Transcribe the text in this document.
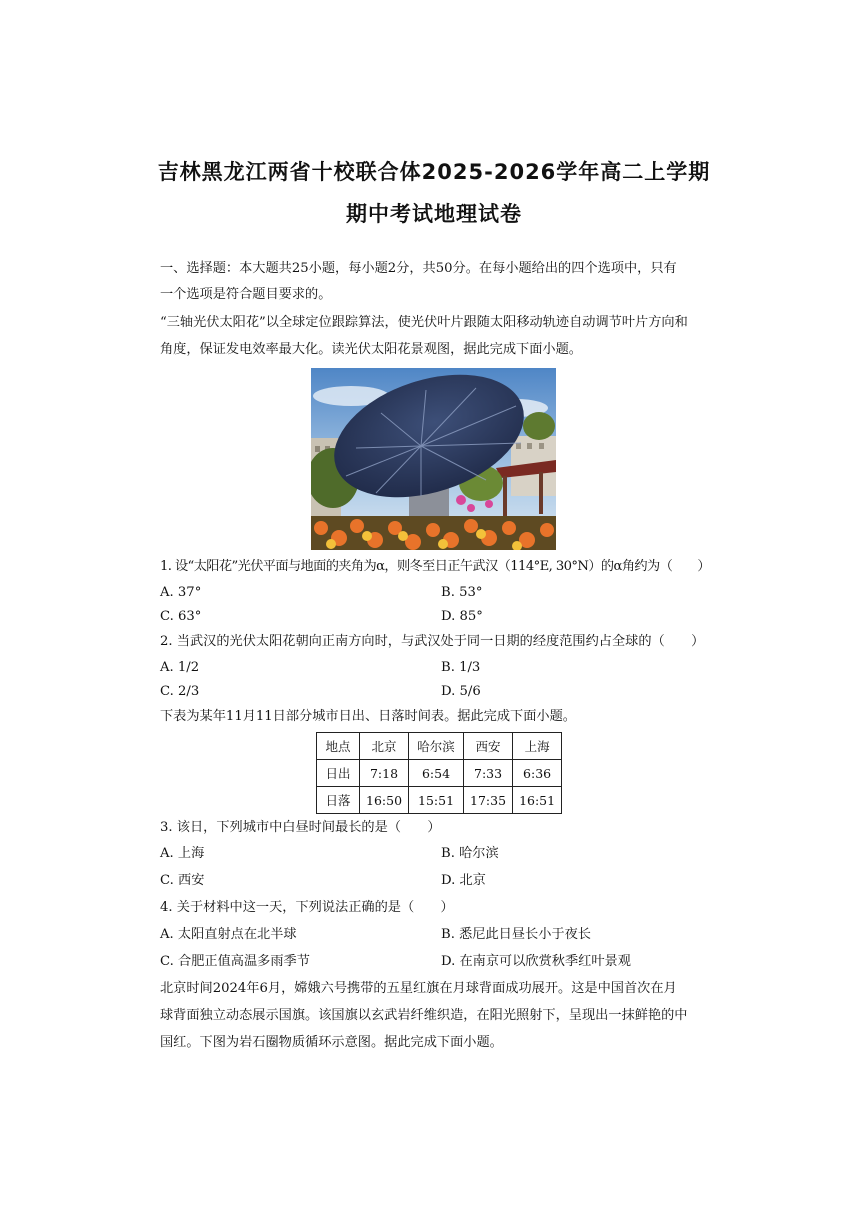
吉林黑龙江两省十校联合体2025-2026学年高二上学期
期中考试地理试卷
一、选择题：本大题共25小题，每小题2分，共50分。在每小题给出的四个选项中，只有
一个选项是符合题目要求的。
“三轴光伏太阳花”以全球定位跟踪算法，使光伏叶片跟随太阳移动轨迹自动调节叶片方向和
角度，保证发电效率最大化。读光伏太阳花景观图，据此完成下面小题。
1. 设“太阳花”光伏平面与地面的夹角为α，则冬至日正午武汉（114°E, 30°N）的α角约为（　　）
A. 37°	B. 53°
C. 63°	D. 85°
2. 当武汉的光伏太阳花朝向正南方向时，与武汉处于同一日期的经度范围约占全球的（　　）
A. 1/2	B. 1/3
C. 2/3	D. 5/6
下表为某年11月11日部分城市日出、日落时间表。据此完成下面小题。
地点	北京	哈尔滨	西安	上海
日出	7:18	6:54	7:33	6:36
日落	16:50	15:51	17:35	16:51
3. 该日，下列城市中白昼时间最长的是（　　）
A. 上海	B. 哈尔滨
C. 西安	D. 北京
4. 关于材料中这一天，下列说法正确的是（　　）
A. 太阳直射点在北半球	B. 悉尼此日昼长小于夜长
C. 合肥正值高温多雨季节	D. 在南京可以欣赏秋季红叶景观
北京时间2024年6月，嫦娥六号携带的五星红旗在月球背面成功展开。这是中国首次在月
球背面独立动态展示国旗。该国旗以玄武岩纤维织造，在阳光照射下，呈现出一抹鲜艳的中
国红。下图为岩石圈物质循环示意图。据此完成下面小题。
